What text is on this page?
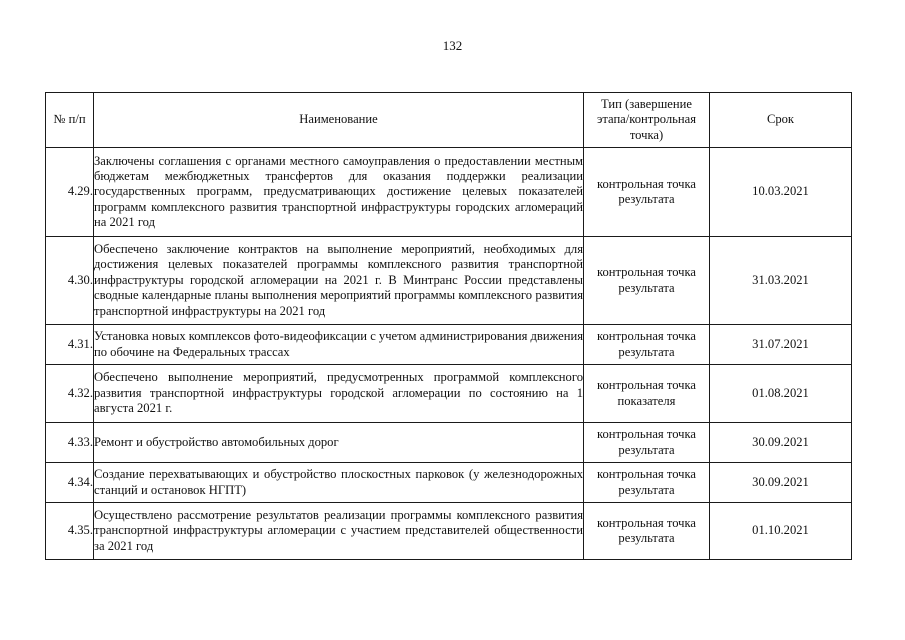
132
№ п/п	Наименование	Тип (завершение этапа/контрольная точка)	Срок
4.29.	Заключены соглашения с органами местного самоуправления о предоставлении местным бюджетам межбюджетных трансфертов для оказания поддержки реализации государственных программ, предусматривающих достижение целевых показателей программ комплексного развития транспортной инфраструктуры городских агломераций на 2021 год	контрольная точка результата	10.03.2021
4.30.	Обеспечено заключение контрактов на выполнение мероприятий, необходимых для достижения целевых показателей программы комплексного развития транспортной инфраструктуры городской агломерации на 2021 г. В Минтранс России представлены сводные календарные планы выполнения мероприятий программы комплексного развития транспортной инфраструктуры на 2021 год	контрольная точка результата	31.03.2021
4.31.	Установка новых комплексов фото-видеофиксации с учетом администрирования движения по обочине на Федеральных трассах	контрольная точка результата	31.07.2021
4.32.	Обеспечено выполнение мероприятий, предусмотренных программой комплексного развития транспортной инфраструктуры городской агломерации по состоянию на 1 августа 2021 г.	контрольная точка показателя	01.08.2021
4.33.	Ремонт и обустройство автомобильных дорог	контрольная точка результата	30.09.2021
4.34.	Создание перехватывающих и обустройство плоскостных парковок (у железнодорожных станций и остановок НГПТ)	контрольная точка результата	30.09.2021
4.35.	Осуществлено рассмотрение результатов реализации программы комплексного развития транспортной инфраструктуры агломерации с участием представителей общественности за 2021 год	контрольная точка результата	01.10.2021
